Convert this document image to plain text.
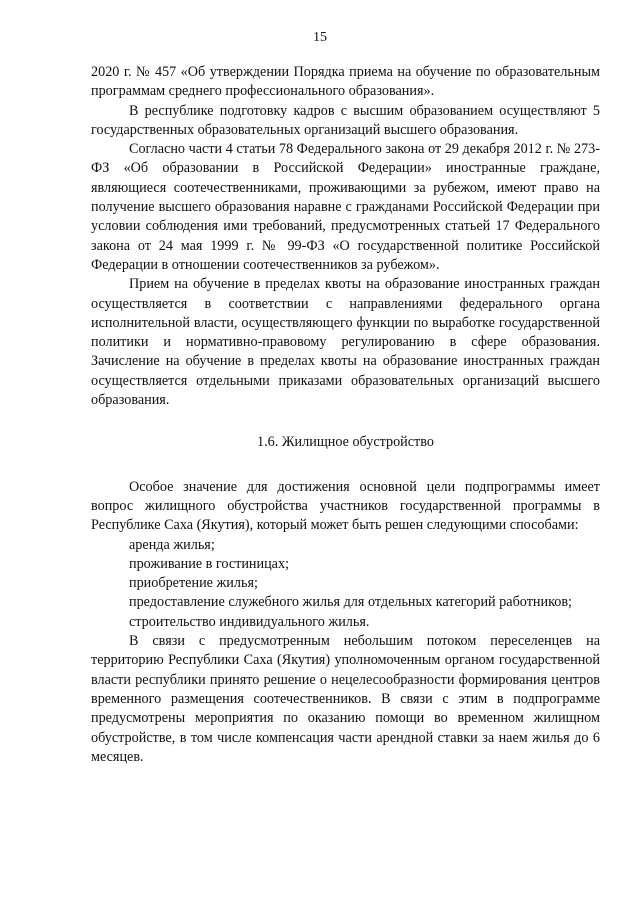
15

2020 г. № 457 «Об утверждении Порядка приема на обучение по образовательным программам среднего профессионального образования».

В республике подготовку кадров с высшим образованием осуществляют 5 государственных образовательных организаций высшего образования.

Согласно части 4 статьи 78 Федерального закона от 29 декабря 2012 г. № 273-ФЗ «Об образовании в Российской Федерации» иностранные граждане, являющиеся соотечественниками, проживающими за рубежом, имеют право на получение высшего образования наравне с гражданами Российской Федерации при условии соблюдения ими требований, предусмотренных статьей 17 Федерального закона от 24 мая 1999 г. № 99-ФЗ «О государственной политике Российской Федерации в отношении соотечественников за рубежом».

Прием на обучение в пределах квоты на образование иностранных граждан осуществляется в соответствии с направлениями федерального органа исполнительной власти, осуществляющего функции по выработке государственной политики и нормативно-правовому регулированию в сфере образования. Зачисление на обучение в пределах квоты на образование иностранных граждан осуществляется отдельными приказами образовательных организаций высшего образования.

1.6. Жилищное обустройство

Особое значение для достижения основной цели подпрограммы имеет вопрос жилищного обустройства участников государственной программы в Республике Саха (Якутия), который может быть решен следующими способами:

аренда жилья;
проживание в гостиницах;
приобретение жилья;
предоставление служебного жилья для отдельных категорий работников;
строительство индивидуального жилья.

В связи с предусмотренным небольшим потоком переселенцев на территорию Республики Саха (Якутия) уполномоченным органом государственной власти республики принято решение о нецелесообразности формирования центров временного размещения соотечественников. В связи с этим в подпрограмме предусмотрены мероприятия по оказанию помощи во временном жилищном обустройстве, в том числе компенсация части арендной ставки за наем жилья до 6 месяцев.
